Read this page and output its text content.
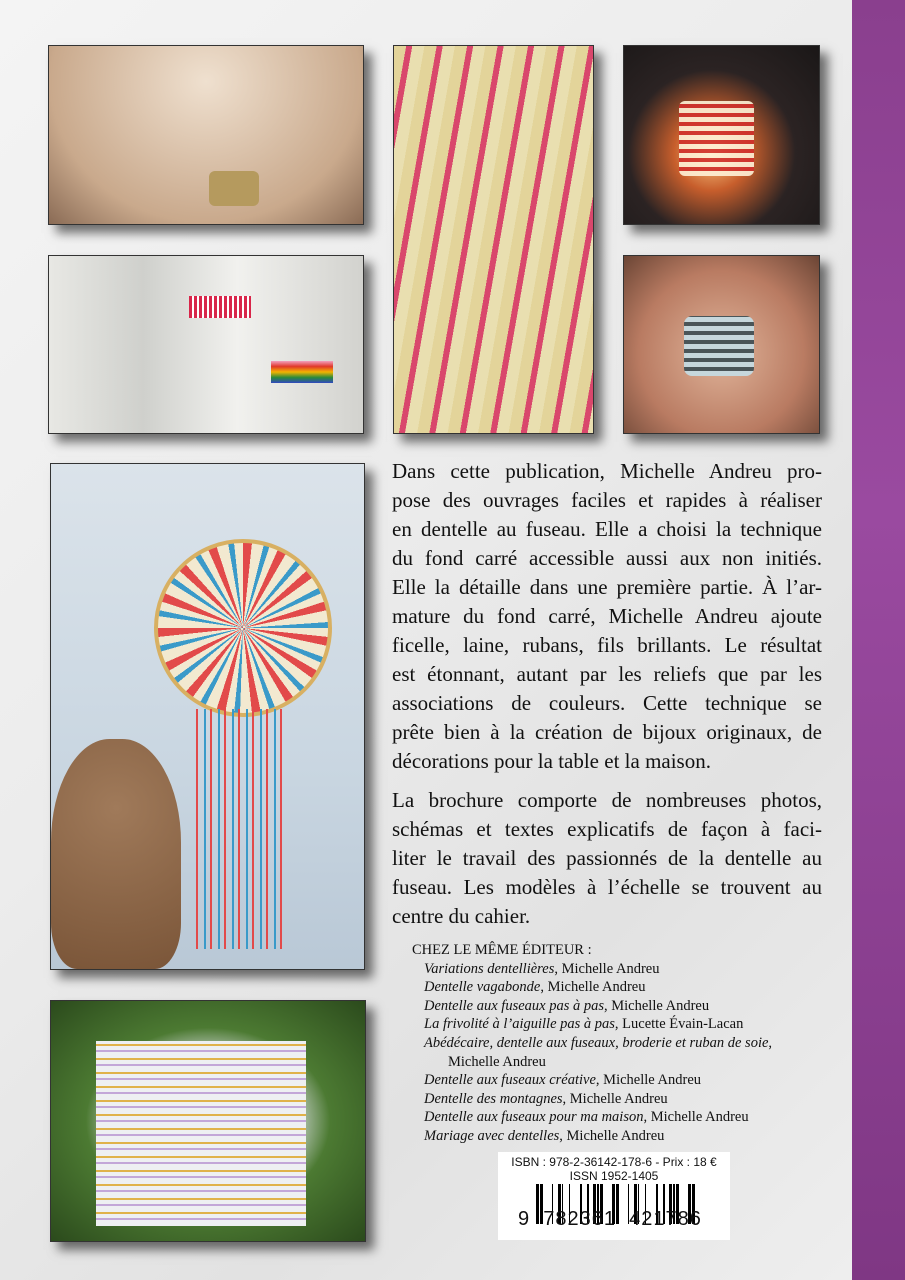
Dans cette publication, Michelle Andreu pro-
pose des ouvrages faciles et rapides à réaliser
en dentelle au fuseau. Elle a choisi la technique
du fond carré accessible aussi aux non initiés.
Elle la détaille dans une première partie. À l’ar-
mature du fond carré, Michelle Andreu ajoute
ficelle, laine, rubans, fils brillants. Le résultat
est étonnant, autant par les reliefs que par les
associations de couleurs. Cette technique se
prête bien à la création de bijoux originaux, de
décorations pour la table et la maison.

La brochure comporte de nombreuses photos,
schémas et textes explicatifs de façon à faci-
liter le travail des passionnés de la dentelle au
fuseau. Les modèles à l’échelle se trouvent au
centre du cahier.

CHEZ LE MÊME ÉDITEUR :
Variations dentellières, Michelle Andreu
Dentelle vagabonde, Michelle Andreu
Dentelle aux fuseaux pas à pas, Michelle Andreu
La frivolité à l’aiguille pas à pas, Lucette Évain-Lacan
Abédécaire, dentelle aux fuseaux, broderie et ruban de soie,
Michelle Andreu
Dentelle aux fuseaux créative, Michelle Andreu
Dentelle des montagnes, Michelle Andreu
Dentelle aux fuseaux pour ma maison, Michelle Andreu
Mariage avec dentelles, Michelle Andreu
ISBN : 978-2-36142-178-6 - Prix : 18 €
ISSN 1952-1405
9  782361  421786
